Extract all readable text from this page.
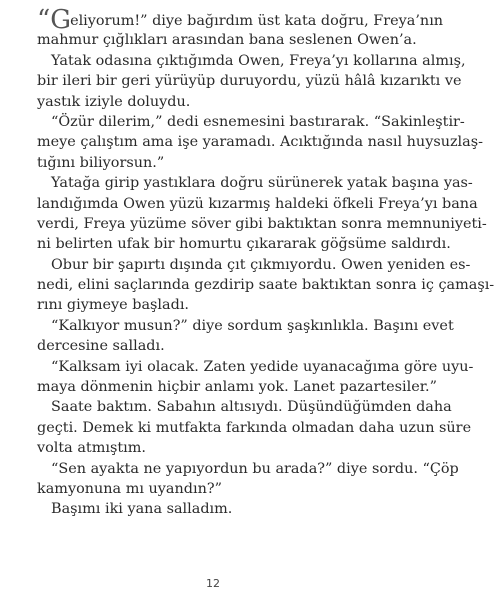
“Geliyorum!” diye bağırdım üst kata doğru, Freya’nın
mahmur çığlıkları arasından bana seslenen Owen’a.
Yatak odasına çıktığımda Owen, Freya’yı kollarına almış,
bir ileri bir geri yürüyüp duruyordu, yüzü hâlâ kızarıktı ve
yastık iziyle doluydu.
“Özür dilerim,” dedi esnemesini bastırarak. “Sakinleştir-
meye çalıştım ama işe yaramadı. Acıktığında nasıl huysuzlaş-
tığını biliyorsun.”
Yatağa girip yastıklara doğru sürünerek yatak başına yas-
landığımda Owen yüzü kızarmış haldeki öfkeli Freya’yı bana
verdi, Freya yüzüme söver gibi baktıktan sonra memnuniyeti-
ni belirten ufak bir homurtu çıkararak göğsüme saldırdı.
Obur bir şapırtı dışında çıt çıkmıyordu. Owen yeniden es-
nedi, elini saçlarında gezdirip saate baktıktan sonra iç çamaşı-
rını giymeye başladı.
“Kalkıyor musun?” diye sordum şaşkınlıkla. Başını evet
dercesine salladı.
“Kalksam iyi olacak. Zaten yedide uyanacağıma göre uyu-
maya dönmenin hiçbir anlamı yok. Lanet pazartesiler.”
Saate baktım. Sabahın altısıydı. Düşündüğümden daha
geçti. Demek ki mutfakta farkında olmadan daha uzun süre
volta atmıştım.
“Sen ayakta ne yapıyordun bu arada?” diye sordu. “Çöp
kamyonuna mı uyandın?”
Başımı iki yana salladım.
12
